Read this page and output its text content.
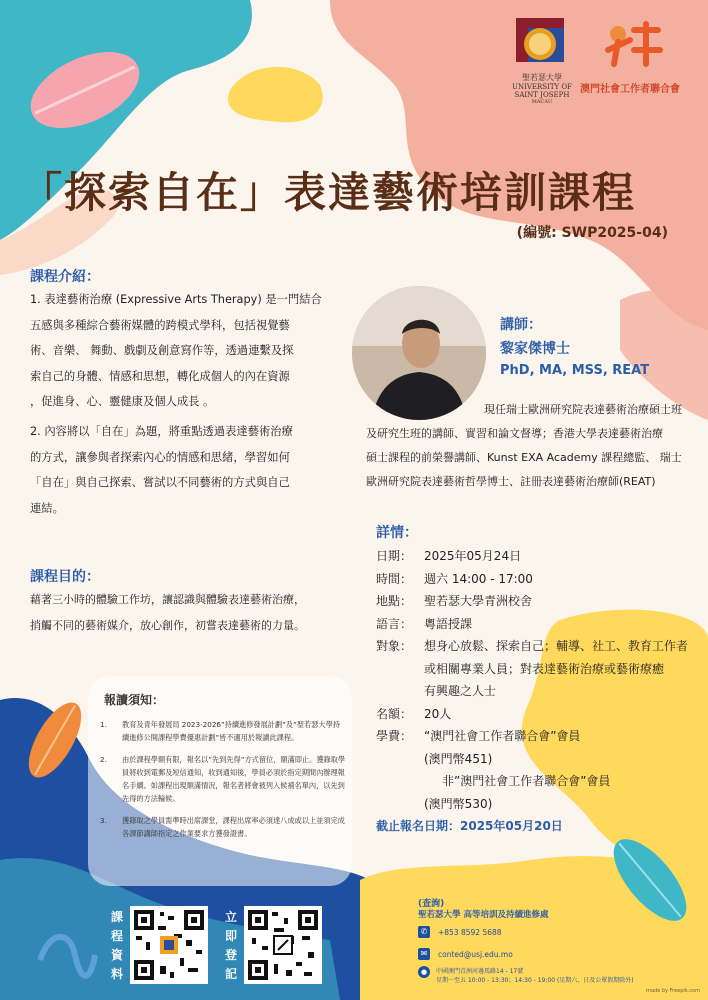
聖若瑟大學
UNIVERSITY OF
SAINT JOSEPH
MACAU
澳門社會工作者聯合會
「探索自在」表達藝術培訓課程
(編號: SWP2025-04)
課程介紹：
1. 表達藝術治療 (Expressive Arts Therapy) 是一門結合
五感與多種綜合藝術媒體的跨模式學科，包括視覺藝
術、音樂、 舞動、戲劇及創意寫作等，透過連繫及探
索自己的身體、情感和思想，轉化成個人的內在資源
，促進身、心、靈健康及個人成長 。
2. 內容將以「自在」為題，將重點透過表達藝術治療
的方式，讓參與者探索內心的情感和思緒，學習如何
「自在」與自己探索、嘗試以不同藝術的方式與自己
連結。
課程目的：
藉著三小時的體驗工作坊，讓認識與體驗表達藝術治療，
捎觸不同的藝術媒介，放心創作，初嘗表達藝術的力量。
講師：
黎家傑博士
PhD, MA, MSS, REAT
現任瑞士歐洲研究院表達藝術治療碩士班
及研究生班的講師、實習和論文督導；香港大學表達藝術治療
碩士課程的前榮譽講師、Kunst EXA Academy 課程總監、 瑞士
歐洲研究院表達藝術哲學博士、註冊表達藝術治療師(REAT)
詳情：
日期： 2025年05月24日
時間： 週六 14:00 - 17:00
地點： 聖若瑟大學青洲校舍
語言： 粵語授課
對象： 想身心放鬆、探索自己；輔導、社工、教育工作者
或相關專業人員；對表達藝術治療或藝術療癒
有興趣之人士
名額： 20人
學費： “澳門社會工作者聯合會”會員
(澳門幣451)
非”澳門社會工作者聯合會”會員
(澳門幣530)
截止報名日期：2025年05月20日
報讀須知：
1.	教育及青年發展局 2023-2026”持續進修發展計劃”及”聖若瑟大學持續進修公開課程學費優惠計劃”皆不適用於報讀此課程。
2.	由於課程學額有限，報名以”先到先得”方式留位，額滿即止。獲錄取學員將收到電郵及短信通知，收到通知後，學員必須於指定期間內辦理報名手續。如課程出現額滿情況，報名者將會被列入候補名單內，以先到先得的方法輪候。
3.	獲錄取之學員需準時出席課堂，課程出席率必須達八成或以上並須完成各課節講師指定之作業要求方獲發證書。
課程資料
立即登記
(查詢)
聖若瑟大學 高等培訓及持續進修處
✆	+853 8592 5688
✉	conted@usj.edu.mo
●	中國澳門青洲河邊馬路14 - 17號
星期一至五 10:00 - 13:30；14:30 - 19:00 (星期六、日及公眾假期除外)
made by Freepik.com
